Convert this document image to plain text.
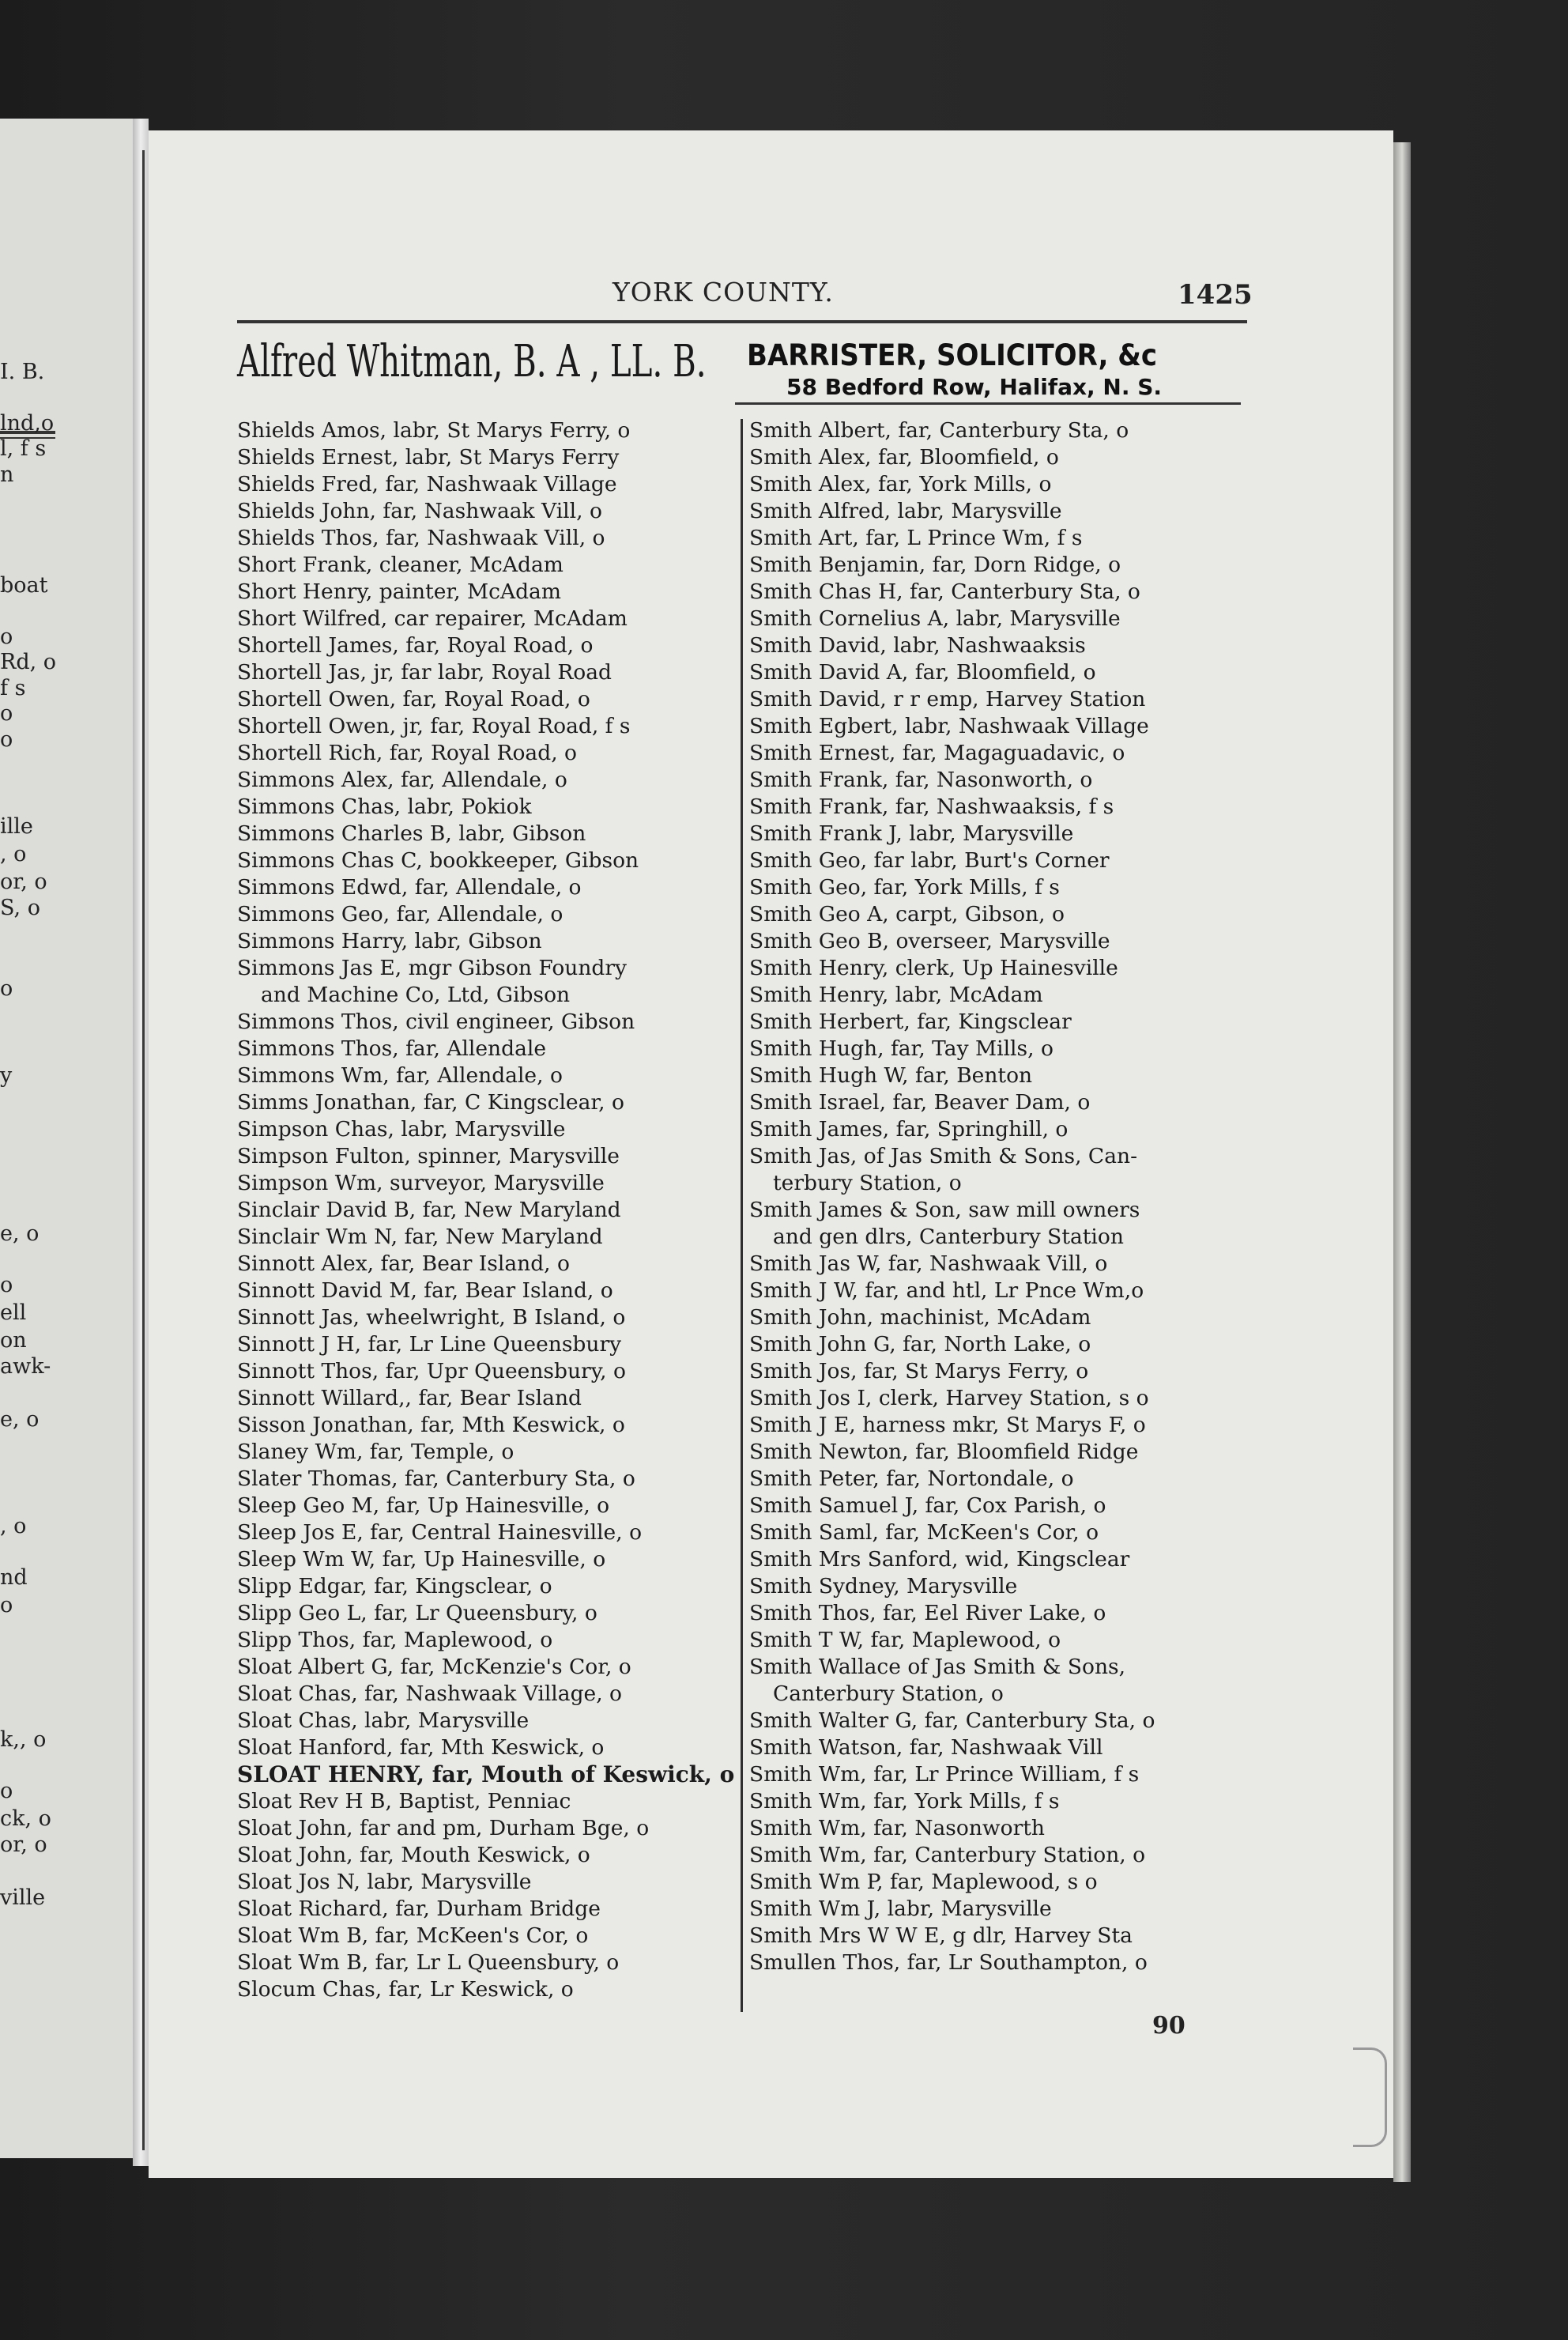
I. B.
lnd,o
l, f s
n
boat
o
Rd, o
f s
o
o
ille
, o
or, o
S, o
o
y
e, o
o
ell
on
awk-
e, o
, o
nd
o
k,, o
o
ck, o
or, o
ville
YORK COUNTY.	1425
Alfred Whitman, B. A , LL. B. BARRISTER, SOLICITOR, &c
58 Bedford Row, Halifax, N. S.
Shields Amos, labr, St Marys Ferry, o
Shields Ernest, labr, St Marys Ferry
Shields Fred, far, Nashwaak Village
Shields John, far, Nashwaak Vill, o
Shields Thos, far, Nashwaak Vill, o
Short Frank, cleaner, McAdam
Short Henry, painter, McAdam
Short Wilfred, car repairer, McAdam
Shortell James, far, Royal Road, o
Shortell Jas, jr, far labr, Royal Road
Shortell Owen, far, Royal Road, o
Shortell Owen, jr, far, Royal Road, f s
Shortell Rich, far, Royal Road, o
Simmons Alex, far, Allendale, o
Simmons Chas, labr, Pokiok
Simmons Charles B, labr, Gibson
Simmons Chas C, bookkeeper, Gibson
Simmons Edwd, far, Allendale, o
Simmons Geo, far, Allendale, o
Simmons Harry, labr, Gibson
Simmons Jas E, mgr Gibson Foundry
and Machine Co, Ltd, Gibson
Simmons Thos, civil engineer, Gibson
Simmons Thos, far, Allendale
Simmons Wm, far, Allendale, o
Simms Jonathan, far, C Kingsclear, o
Simpson Chas, labr, Marysville
Simpson Fulton, spinner, Marysville
Simpson Wm, surveyor, Marysville
Sinclair David B, far, New Maryland
Sinclair Wm N, far, New Maryland
Sinnott Alex, far, Bear Island, o
Sinnott David M, far, Bear Island, o
Sinnott Jas, wheelwright, B Island, o
Sinnott J H, far, Lr Line Queensbury
Sinnott Thos, far, Upr Queensbury, o
Sinnott Willard,, far, Bear Island
Sisson Jonathan, far, Mth Keswick, o
Slaney Wm, far, Temple, o
Slater Thomas, far, Canterbury Sta, o
Sleep Geo M, far, Up Hainesville, o
Sleep Jos E, far, Central Hainesville, o
Sleep Wm W, far, Up Hainesville, o
Slipp Edgar, far, Kingsclear, o
Slipp Geo L, far, Lr Queensbury, o
Slipp Thos, far, Maplewood, o
Sloat Albert G, far, McKenzie's Cor, o
Sloat Chas, far, Nashwaak Village, o
Sloat Chas, labr, Marysville
Sloat Hanford, far, Mth Keswick, o
SLOAT HENRY, far, Mouth of Keswick, o
Sloat Rev H B, Baptist, Penniac
Sloat John, far and pm, Durham Bge, o
Sloat John, far, Mouth Keswick, o
Sloat Jos N, labr, Marysville
Sloat Richard, far, Durham Bridge
Sloat Wm B, far, McKeen's Cor, o
Sloat Wm B, far, Lr L Queensbury, o
Slocum Chas, far, Lr Keswick, o
Smith Albert, far, Canterbury Sta, o
Smith Alex, far, Bloomfield, o
Smith Alex, far, York Mills, o
Smith Alfred, labr, Marysville
Smith Art, far, L Prince Wm, f s
Smith Benjamin, far, Dorn Ridge, o
Smith Chas H, far, Canterbury Sta, o
Smith Cornelius A, labr, Marysville
Smith David, labr, Nashwaaksis
Smith David A, far, Bloomfield, o
Smith David, r r emp, Harvey Station
Smith Egbert, labr, Nashwaak Village
Smith Ernest, far, Magaguadavic, o
Smith Frank, far, Nasonworth, o
Smith Frank, far, Nashwaaksis, f s
Smith Frank J, labr, Marysville
Smith Geo, far labr, Burt's Corner
Smith Geo, far, York Mills, f s
Smith Geo A, carpt, Gibson, o
Smith Geo B, overseer, Marysville
Smith Henry, clerk, Up Hainesville
Smith Henry, labr, McAdam
Smith Herbert, far, Kingsclear
Smith Hugh, far, Tay Mills, o
Smith Hugh W, far, Benton
Smith Israel, far, Beaver Dam, o
Smith James, far, Springhill, o
Smith Jas, of Jas Smith & Sons, Can-
terbury Station, o
Smith James & Son, saw mill owners
and gen dlrs, Canterbury Station
Smith Jas W, far, Nashwaak Vill, o
Smith J W, far, and htl, Lr Pnce Wm,o
Smith John, machinist, McAdam
Smith John G, far, North Lake, o
Smith Jos, far, St Marys Ferry, o
Smith Jos I, clerk, Harvey Station, s o
Smith J E, harness mkr, St Marys F, o
Smith Newton, far, Bloomfield Ridge
Smith Peter, far, Nortondale, o
Smith Samuel J, far, Cox Parish, o
Smith Saml, far, McKeen's Cor, o
Smith Mrs Sanford, wid, Kingsclear
Smith Sydney, Marysville
Smith Thos, far, Eel River Lake, o
Smith T W, far, Maplewood, o
Smith Wallace of Jas Smith & Sons,
Canterbury Station, o
Smith Walter G, far, Canterbury Sta, o
Smith Watson, far, Nashwaak Vill
Smith Wm, far, Lr Prince William, f s
Smith Wm, far, York Mills, f s
Smith Wm, far, Nasonworth
Smith Wm, far, Canterbury Station, o
Smith Wm P, far, Maplewood, s o
Smith Wm J, labr, Marysville
Smith Mrs W W E, g dlr, Harvey Sta
Smullen Thos, far, Lr Southampton, o
90
